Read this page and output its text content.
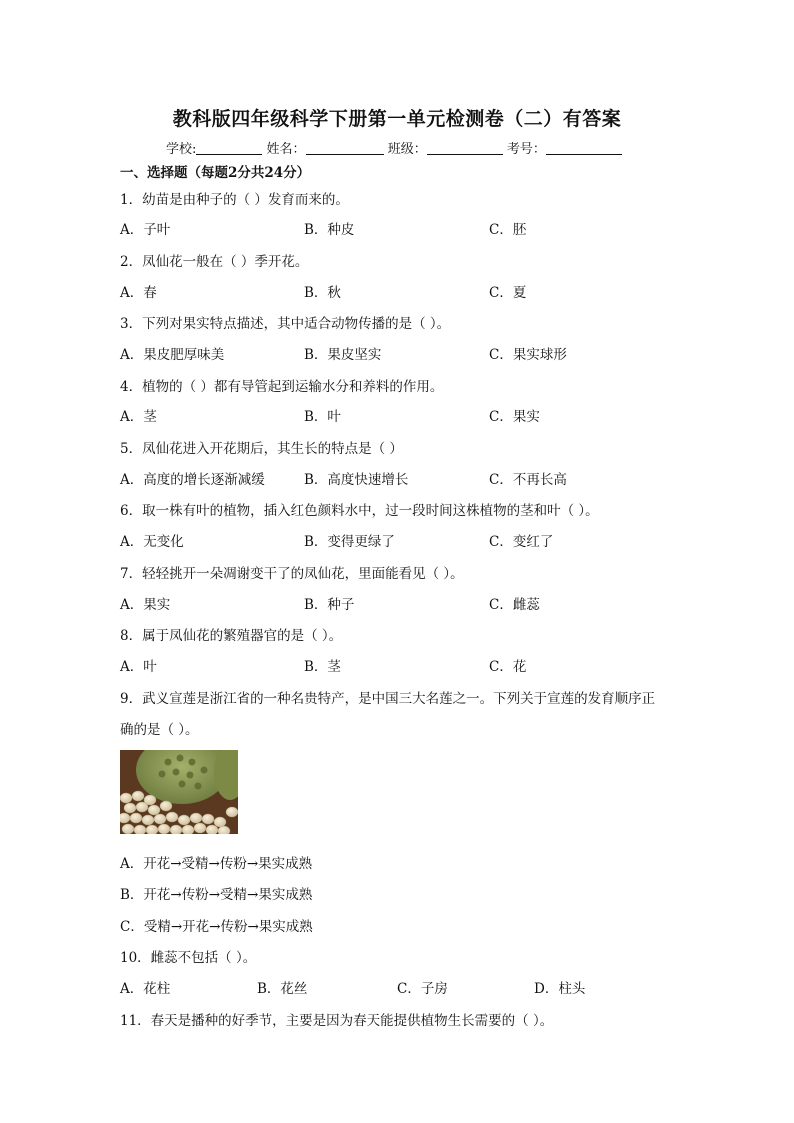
教科版四年级科学下册第一单元检测卷（二）有答案
学校:	姓名：	班级：	考号：
一、选择题（每题2分共24分）
1．幼苗是由种子的（ ）发育而来的。
A．子叶	B．种皮	C．胚
2．凤仙花一般在（ ）季开花。
A．春	B．秋	C．夏
3．下列对果实特点描述，其中适合动物传播的是（ ）。
A．果皮肥厚味美	B．果皮坚实	C．果实球形
4．植物的（ ）都有导管起到运输水分和养料的作用。
A．茎	B．叶	C．果实
5．凤仙花进入开花期后，其生长的特点是（ ）
A．高度的增长逐渐减缓	B．高度快速增长	C．不再长高
6．取一株有叶的植物，插入红色颜料水中，过一段时间这株植物的茎和叶（ ）。
A．无变化	B．变得更绿了	C．变红了
7．轻轻挑开一朵凋谢变干了的凤仙花，里面能看见（ ）。
A．果实	B．种子	C．雌蕊
8．属于凤仙花的繁殖器官的是（ ）。
A．叶	B．茎	C．花
9．武义宣莲是浙江省的一种名贵特产，是中国三大名莲之一。下列关于宣莲的发育顺序正
确的是（ ）。
A．开花→受精→传粉→果实成熟
B．开花→传粉→受精→果实成熟
C．受精→开花→传粉→果实成熟
10．雌蕊不包括（ ）。
A．花柱	B．花丝	C．子房	D．柱头
11．春天是播种的好季节，主要是因为春天能提供植物生长需要的（ ）。
